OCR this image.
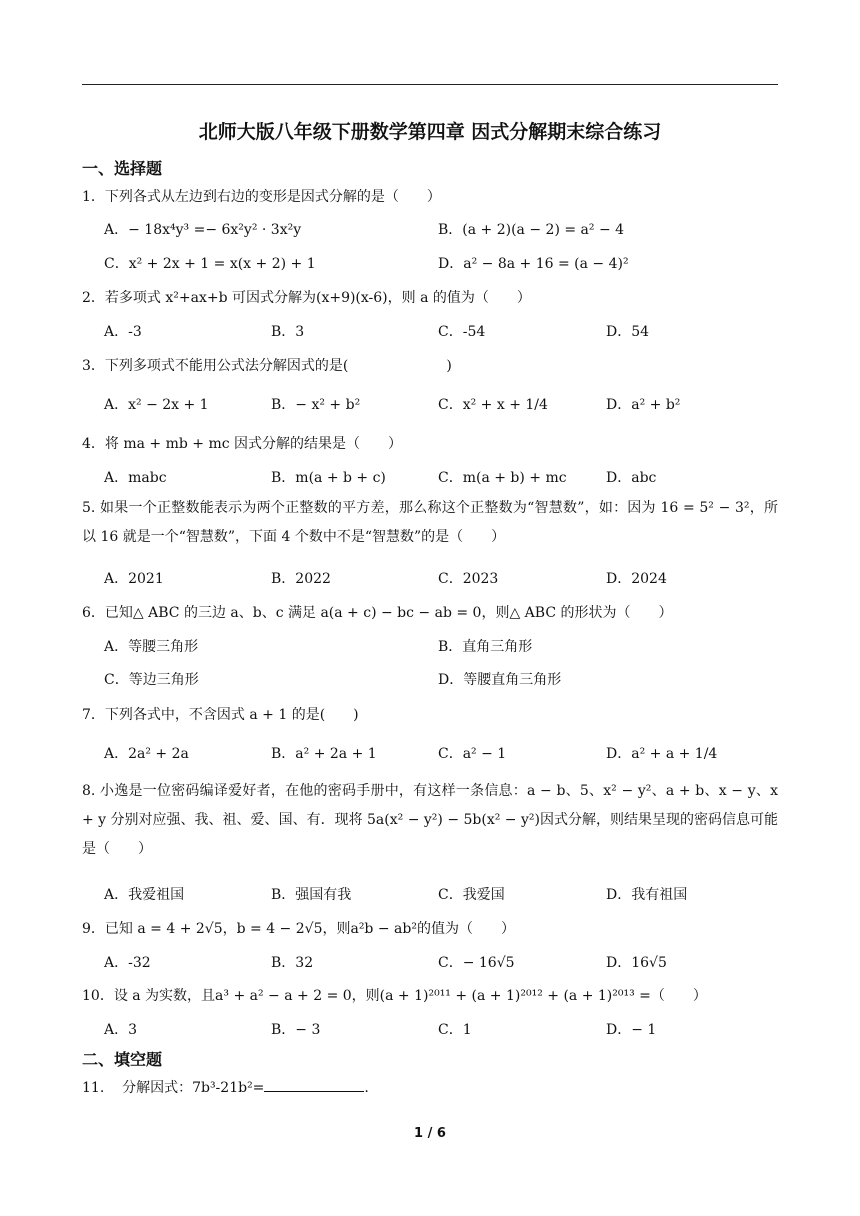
北师大版八年级下册数学第四章 因式分解期末综合练习
一、选择题
1．下列各式从左边到右边的变形是因式分解的是（　　）
A．− 18x⁴y³ =− 6x²y² · 3x²y	B．(a + 2)(a − 2) = a² − 4
C．x² + 2x + 1 = x(x + 2) + 1	D．a² − 8a + 16 = (a − 4)²
2．若多项式 x²+ax+b 可因式分解为(x+9)(x-6)，则 a 的值为（　　）
A．-3	B．3	C．-54	D．54
3．下列多项式不能用公式法分解因式的是(　　　　　　　)
A．x² − 2x + 1	B．− x² + b²	C．x² + x + 1/4	D．a² + b²
4．将 ma + mb + mc 因式分解的结果是（　　）
A．mabc	B．m(a + b + c)	C．m(a + b) + mc	D．abc
5. 如果一个正整数能表示为两个正整数的平方差，那么称这个正整数为“智慧数”，如：因为 16 = 5² − 3²，所以 16 就是一个“智慧数”，下面 4 个数中不是“智慧数”的是（　　）
A．2021	B．2022	C．2023	D．2024
6．已知△ ABC 的三边 a、b、c 满足 a(a + c) − bc − ab = 0，则△ ABC 的形状为（　　）
A．等腰三角形	B．直角三角形
C．等边三角形	D．等腰直角三角形
7．下列各式中，不含因式 a + 1 的是(　　)
A．2a² + 2a	B．a² + 2a + 1	C．a² − 1	D．a² + a + 1/4
8. 小逸是一位密码编译爱好者，在他的密码手册中，有这样一条信息：a − b、5、x² − y²、a + b、x − y、x + y 分别对应强、我、祖、爱、国、有．现将 5a(x² − y²) − 5b(x² − y²)因式分解，则结果呈现的密码信息可能是（　　）
A．我爱祖国	B．强国有我	C．我爱国	D．我有祖国
9．已知 a = 4 + 2√5，b = 4 − 2√5，则a²b − ab²的值为（　　）
A．-32	B．32	C．− 16√5	D．16√5
10．设 a 为实数，且a³ + a² − a + 2 = 0，则(a + 1)²⁰¹¹ + (a + 1)²⁰¹² + (a + 1)²⁰¹³ =（　　）
A．3	B．− 3	C．1	D．− 1
二、填空题
11. 分解因式：7b³-21b²=	.
1 / 6
